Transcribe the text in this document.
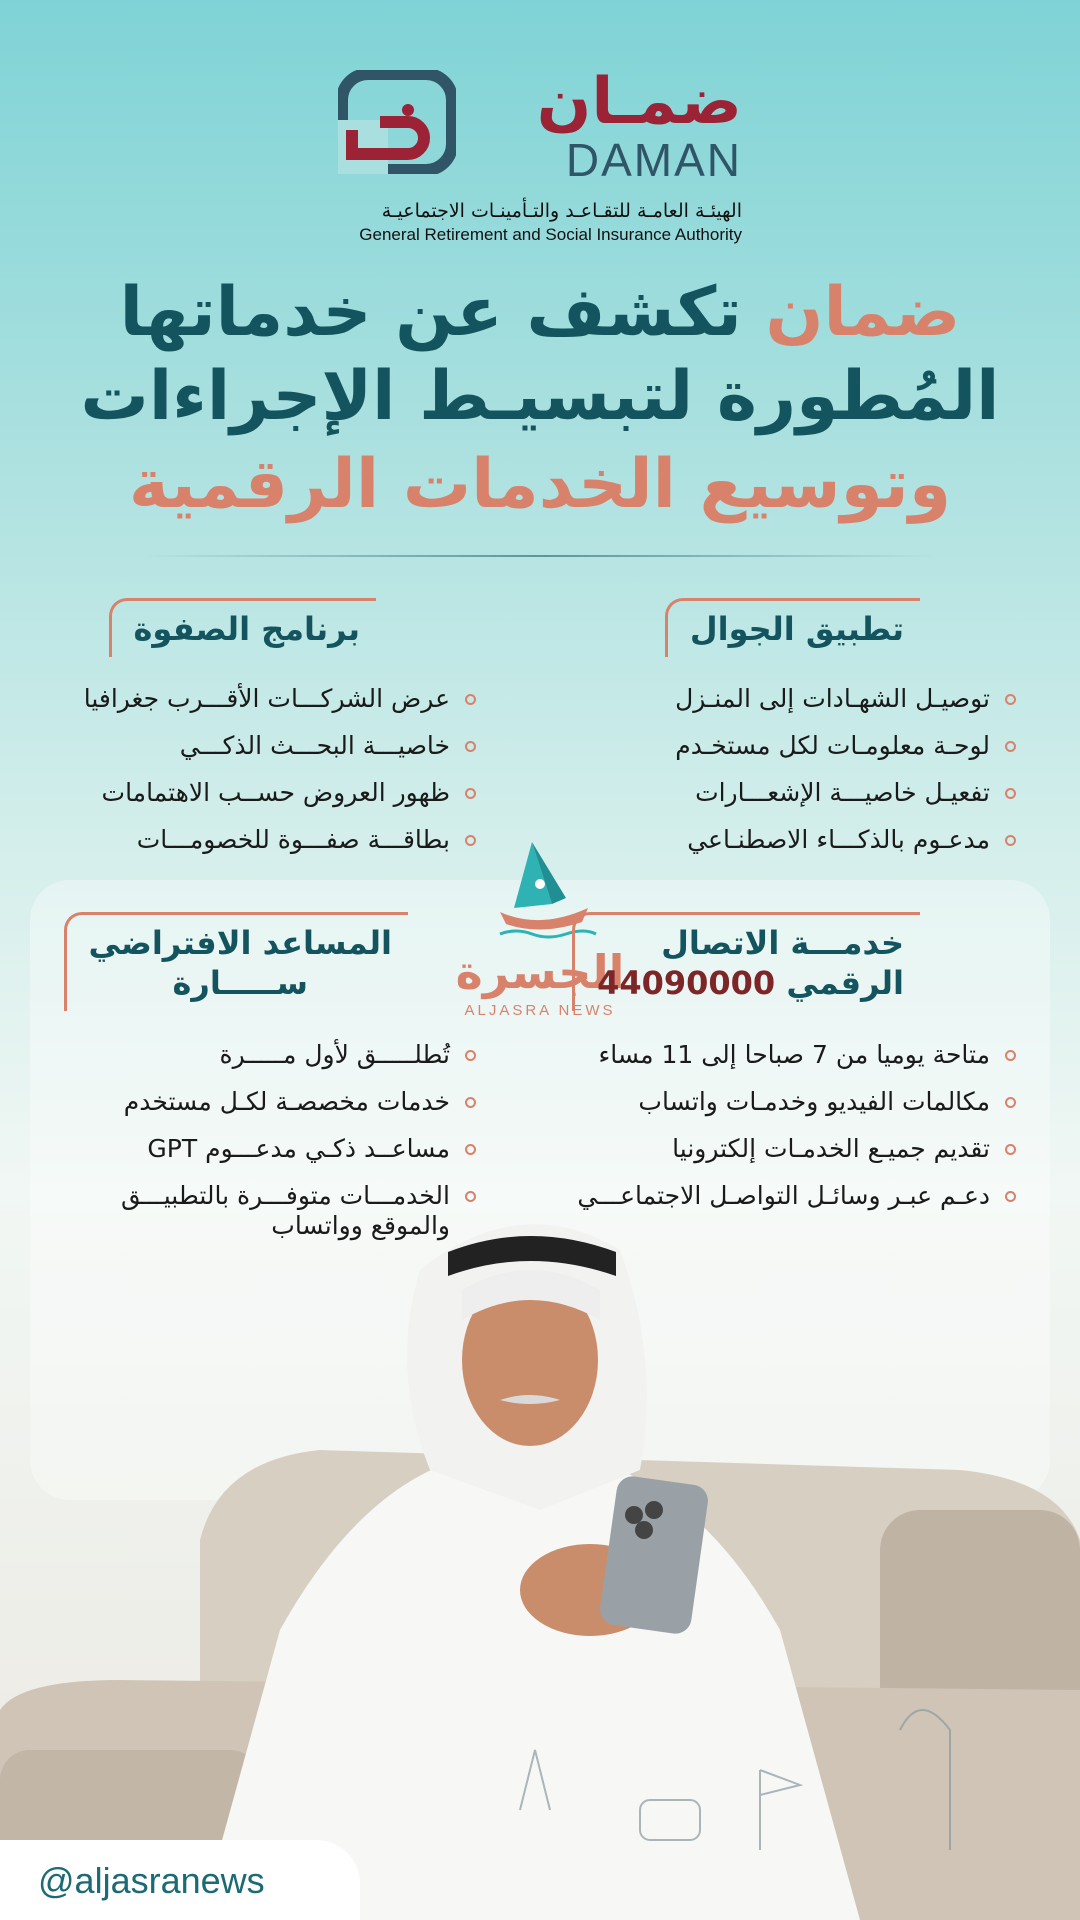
ضمـان
DAMAN
الهيئـة العامـة للتقـاعـد والتـأمينـات الاجتماعيـة
General Retirement and Social Insurance Authority
ضمان تكشف عن خدماتها
المُطورة لتبسيـط الإجراءات
وتوسيع الخدمات الرقمية
تطبيق الجوال
توصيـل الشهـادات إلى المنـزل
لوحـة معلومـات لكل مستخـدم
تفعيـل خاصيـــة الإشعـــارات
مدعـوم بالذكـــاء الاصطنـاعي
برنامج الصفوة
عرض الشركـــات الأقـــرب جغرافيا
خاصيـــة البحـــث الذكـــي
ظهور العروض حســب الاهتمامات
بطاقـــة صفـــوة للخصومـــات
الجسرة
ALJASRA NEWS
خدمـــة الاتصال
الرقمي 44090000
متاحة يوميا من 7 صباحا إلى 11 مساء
مكالمات الفيديو وخدمـات واتساب
تقديم جميـع الخدمـات إلكترونيا
دعـم عبـر وسائـل التواصـل الاجتماعـــي
المساعد الافتراضي
ســـــارة
تُطلـــــق لأول مـــــرة
خدمات مخصصـة لكـل مستخدم
مساعــد ذكـي مدعـــوم GPT
الخدمـــات متوفـــرة بالتطبيـــق والموقع وواتساب
@aljasranews
